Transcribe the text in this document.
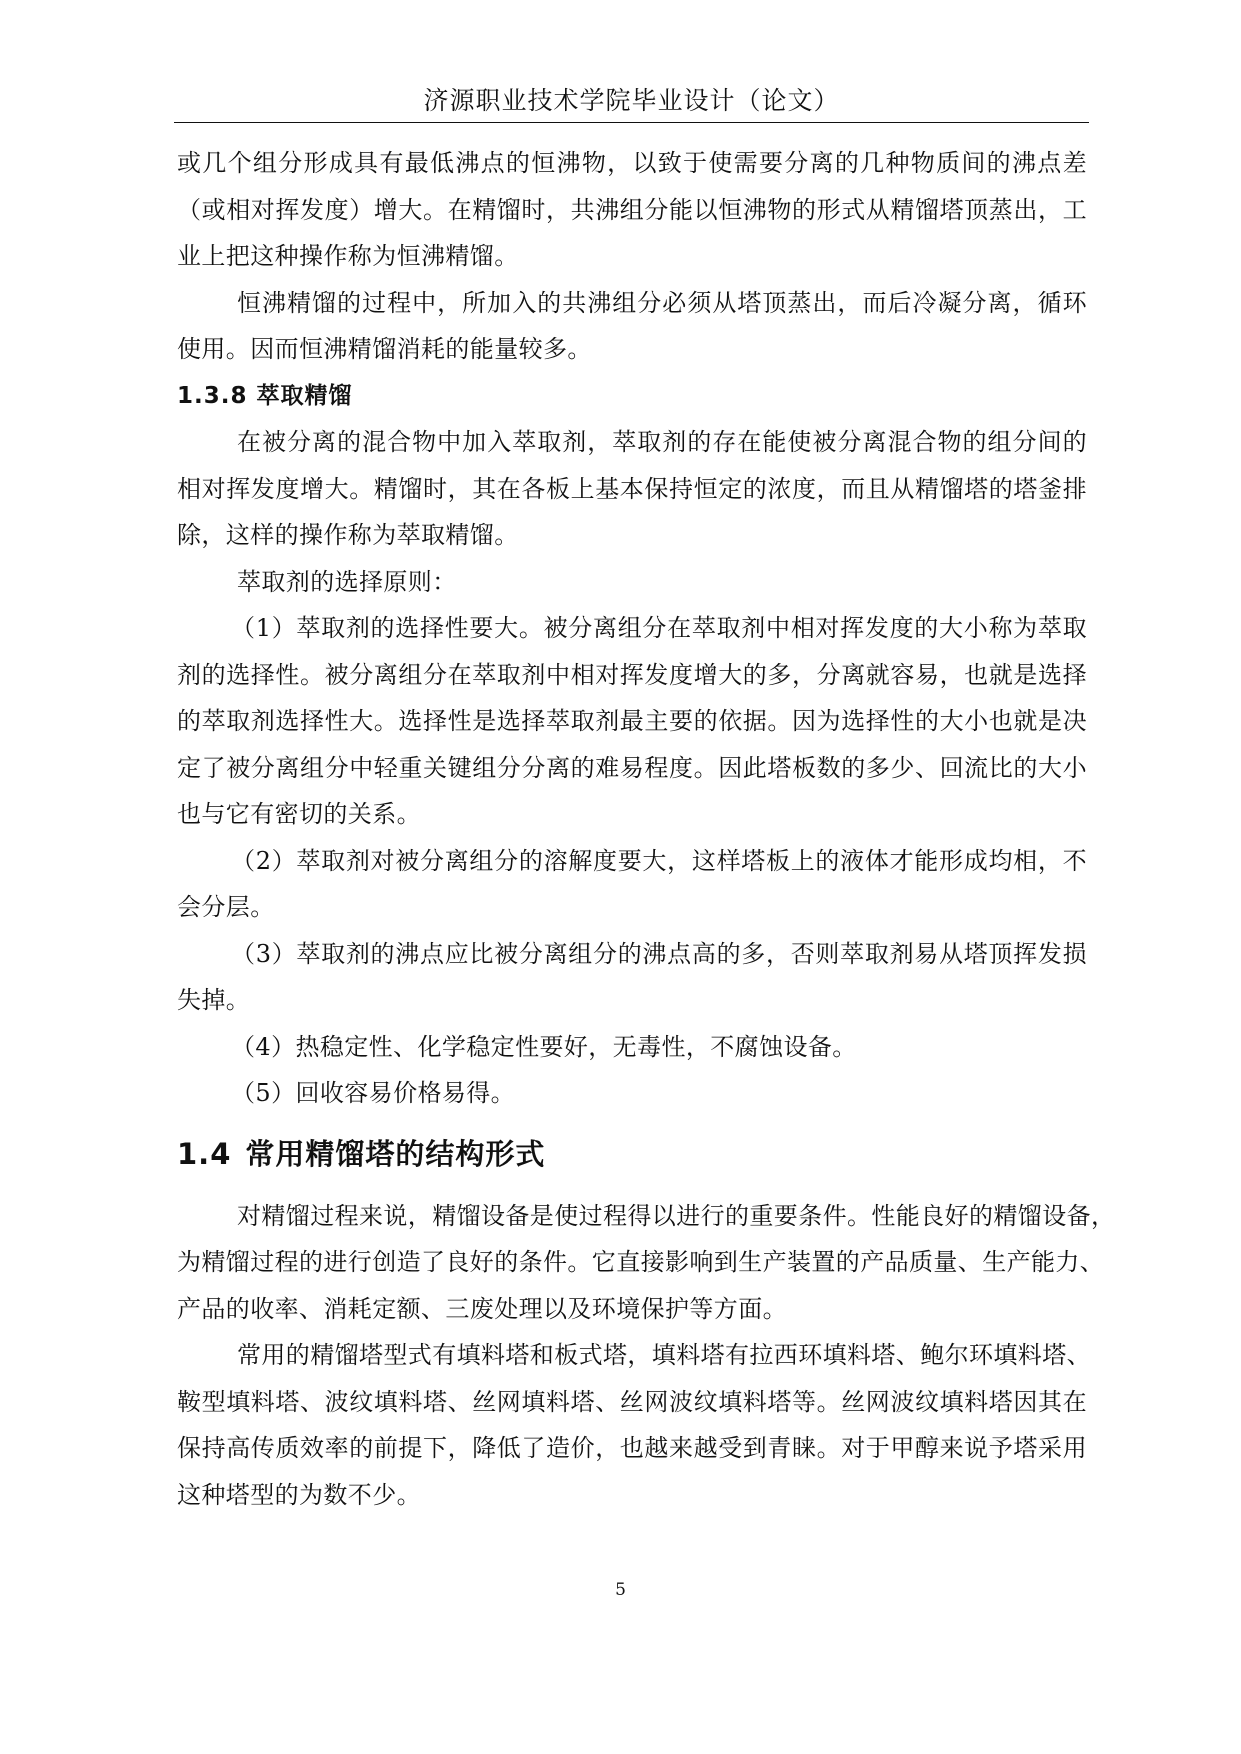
济源职业技术学院毕业设计（论文）
或几个组分形成具有最低沸点的恒沸物，以致于使需要分离的几种物质间的沸点差
（或相对挥发度）增大。在精馏时，共沸组分能以恒沸物的形式从精馏塔顶蒸出，工
业上把这种操作称为恒沸精馏。
恒沸精馏的过程中，所加入的共沸组分必须从塔顶蒸出，而后冷凝分离，循环
使用。因而恒沸精馏消耗的能量较多。
1.3.8 萃取精馏
在被分离的混合物中加入萃取剂，萃取剂的存在能使被分离混合物的组分间的
相对挥发度增大。精馏时，其在各板上基本保持恒定的浓度，而且从精馏塔的塔釜排
除，这样的操作称为萃取精馏。
萃取剂的选择原则：
（1）萃取剂的选择性要大。被分离组分在萃取剂中相对挥发度的大小称为萃取
剂的选择性。被分离组分在萃取剂中相对挥发度增大的多，分离就容易，也就是选择
的萃取剂选择性大。选择性是选择萃取剂最主要的依据。因为选择性的大小也就是决
定了被分离组分中轻重关键组分分离的难易程度。因此塔板数的多少、回流比的大小
也与它有密切的关系。
（2）萃取剂对被分离组分的溶解度要大，这样塔板上的液体才能形成均相，不
会分层。
（3）萃取剂的沸点应比被分离组分的沸点高的多，否则萃取剂易从塔顶挥发损
失掉。
（4）热稳定性、化学稳定性要好，无毒性，不腐蚀设备。
（5）回收容易价格易得。
1.4 常用精馏塔的结构形式
对精馏过程来说，精馏设备是使过程得以进行的重要条件。性能良好的精馏设备，
为精馏过程的进行创造了良好的条件。它直接影响到生产装置的产品质量、生产能力、
产品的收率、消耗定额、三废处理以及环境保护等方面。
常用的精馏塔型式有填料塔和板式塔，填料塔有拉西环填料塔、鲍尔环填料塔、
鞍型填料塔、波纹填料塔、丝网填料塔、丝网波纹填料塔等。丝网波纹填料塔因其在
保持高传质效率的前提下，降低了造价，也越来越受到青睐。对于甲醇来说予塔采用
这种塔型的为数不少。
5
